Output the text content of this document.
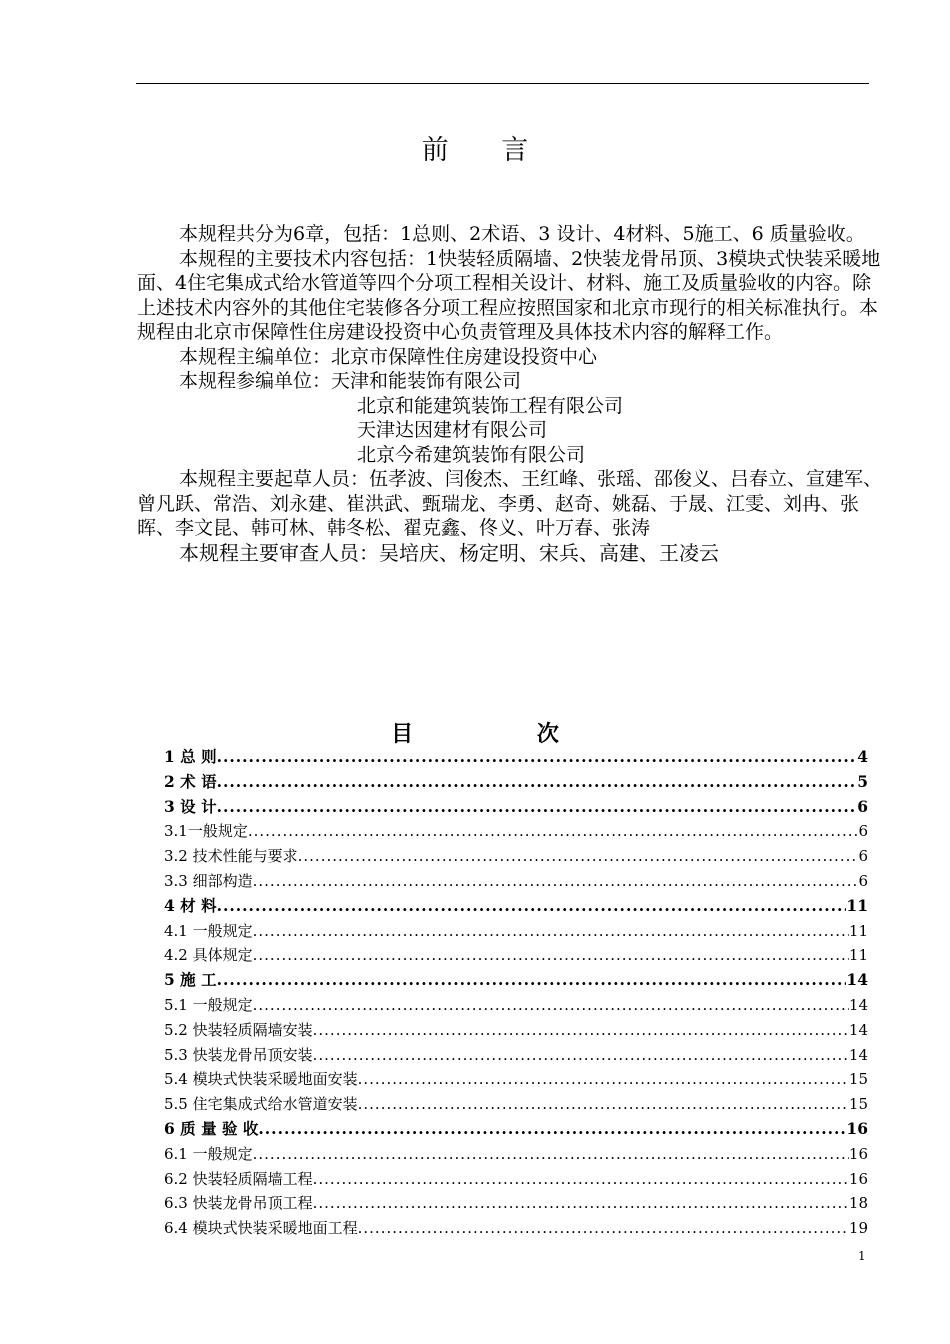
前 言

本规程共分为6章，包括：1总则、2术语、3 设计、4材料、5施工、6 质量验收。

本规程的主要技术内容包括：1快装轻质隔墙、2快装龙骨吊顶、3模块式快装采暖地面、4住宅集成式给水管道等四个分项工程相关设计、材料、施工及质量验收的内容。除上述技术内容外的其他住宅装修各分项工程应按照国家和北京市现行的相关标准执行。本规程由北京市保障性住房建设投资中心负责管理及具体技术内容的解释工作。

本规程主编单位：北京市保障性住房建设投资中心

本规程参编单位：天津和能装饰有限公司

北京和能建筑装饰工程有限公司

天津达因建材有限公司

北京今希建筑装饰有限公司

本规程主要起草人员：伍孝波、闫俊杰、王红峰、张瑶、邵俊义、吕春立、宣建军、曾凡跃、常浩、刘永建、崔洪武、甄瑞龙、李勇、赵奇、姚磊、于晟、江雯、刘冉、张晖、李文昆、韩可林、韩冬松、翟克鑫、佟义、叶万春、张涛

本规程主要审查人员：吴培庆、杨定明、宋兵、高建、王凌云

目 次
1 总 则 .....	4
2 术 语 .....	5
3 设 计 .....	6
3.1一般规定 .....	6
3.2 技术性能与要求 .....	6
3.3 细部构造 .....	6
4 材 料 .....	11
4.1 一般规定 .....	11
4.2 具体规定 .....	11
5 施 工 .....	14
5.1 一般规定 .....	14
5.2 快装轻质隔墙安装 .....	14
5.3 快装龙骨吊顶安装 .....	14
5.4 模块式快装采暖地面安装 .....	15
5.5 住宅集成式给水管道安装 .....	15
6 质 量 验 收 .....	16
6.1 一般规定 .....	16
6.2 快装轻质隔墙工程 .....	16
6.3 快装龙骨吊顶工程 .....	18
6.4 模块式快装采暖地面工程 .....	19
1
